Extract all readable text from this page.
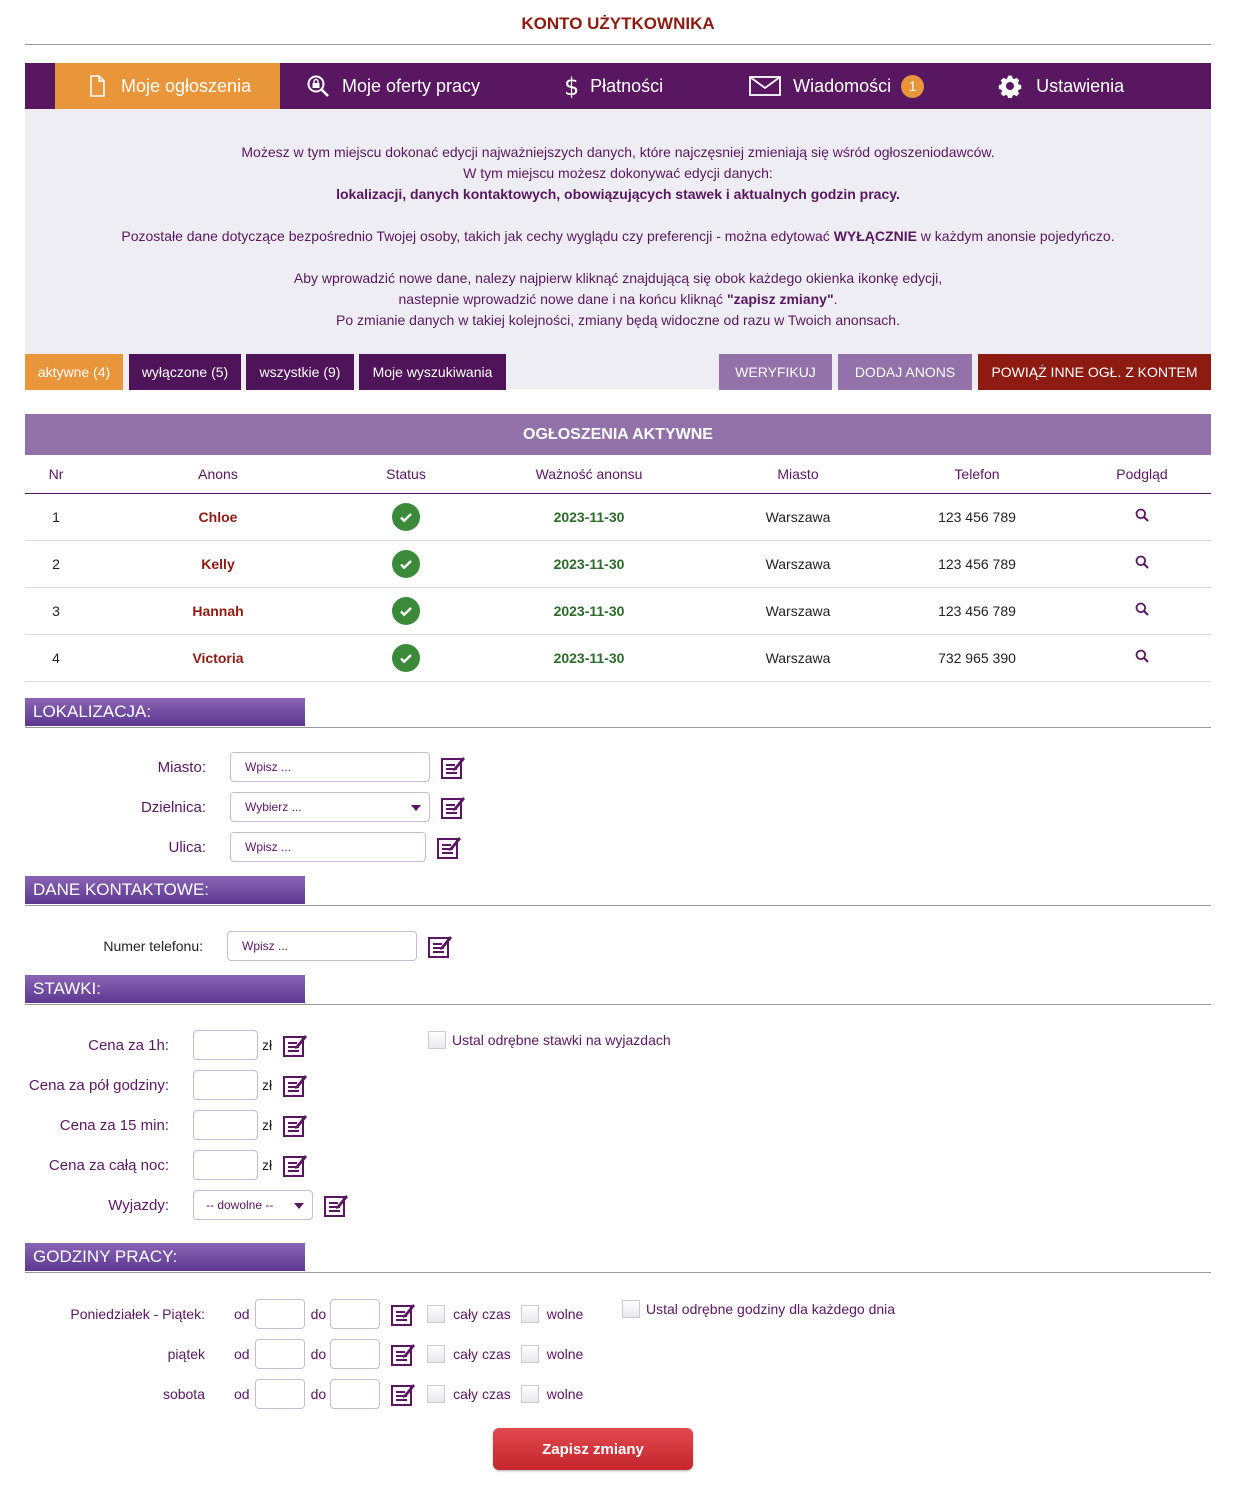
KONTO UŻYTKOWNIKA
Moje ogłoszenia	Moje oferty pracy	$ Płatności	Wiadomości	1	Ustawienia
Możesz w tym miejscu dokonać edycji najważniejszych danych, które najczęsniej zmieniają się wśród ogłoszeniodawców.
W tym miejscu możesz dokonywać edycji danych:
lokalizacji, danych kontaktowych, obowiązujących stawek i aktualnych godzin pracy.
Pozostałe dane dotyczące bezpośrednio Twojej osoby, takich jak cechy wyglądu czy preferencji - można edytować WYŁĄCZNIE w każdym anonsie pojedyńczo.
Aby wprowadzić nowe dane, nalezy najpierw kliknąć znajdującą się obok każdego okienka ikonkę edycji,
nastepnie wprowadzić nowe dane i na końcu kliknąć "zapisz zmiany".
Po zmianie danych w takiej kolejności, zmiany będą widoczne od razu w Twoich anonsach.
aktywne (4)	wyłączone (5)	wszystkie (9)	Moje wyszukiwania	WERYFIKUJ	DODAJ ANONS	POWIĄŻ INNE OGŁ. Z KONTEM
OGŁOSZENIA AKTYWNE
Nr	Anons	Status	Ważność anonsu	Miasto	Telefon	Podgląd
1	Chloe		2023-11-30	Warszawa	123 456 789	
2	Kelly		2023-11-30	Warszawa	123 456 789	
3	Hannah		2023-11-30	Warszawa	123 456 789	
4	Victoria		2023-11-30	Warszawa	732 965 390	
LOKALIZACJA:
Miasto:	Wpisz ...
Dzielnica:	Wybierz ...
Ulica:	Wpisz ...
DANE KONTAKTOWE:
Numer telefonu:	Wpisz ...
STAWKI:
Cena za 1h:	zł
Cena za pół godziny:	zł
Cena za 15 min:	zł
Cena za całą noc:	zł
Wyjazdy:	-- dowolne --
Ustal odrębne stawki na wyjazdach
GODZINY PRACY:
Poniedziałek - Piątek: od	do	cały czas	wolne
piątek od	do	cały czas	wolne
sobota od	do	cały czas	wolne
Ustal odrębne godziny dla każdego dnia
Zapisz zmiany
